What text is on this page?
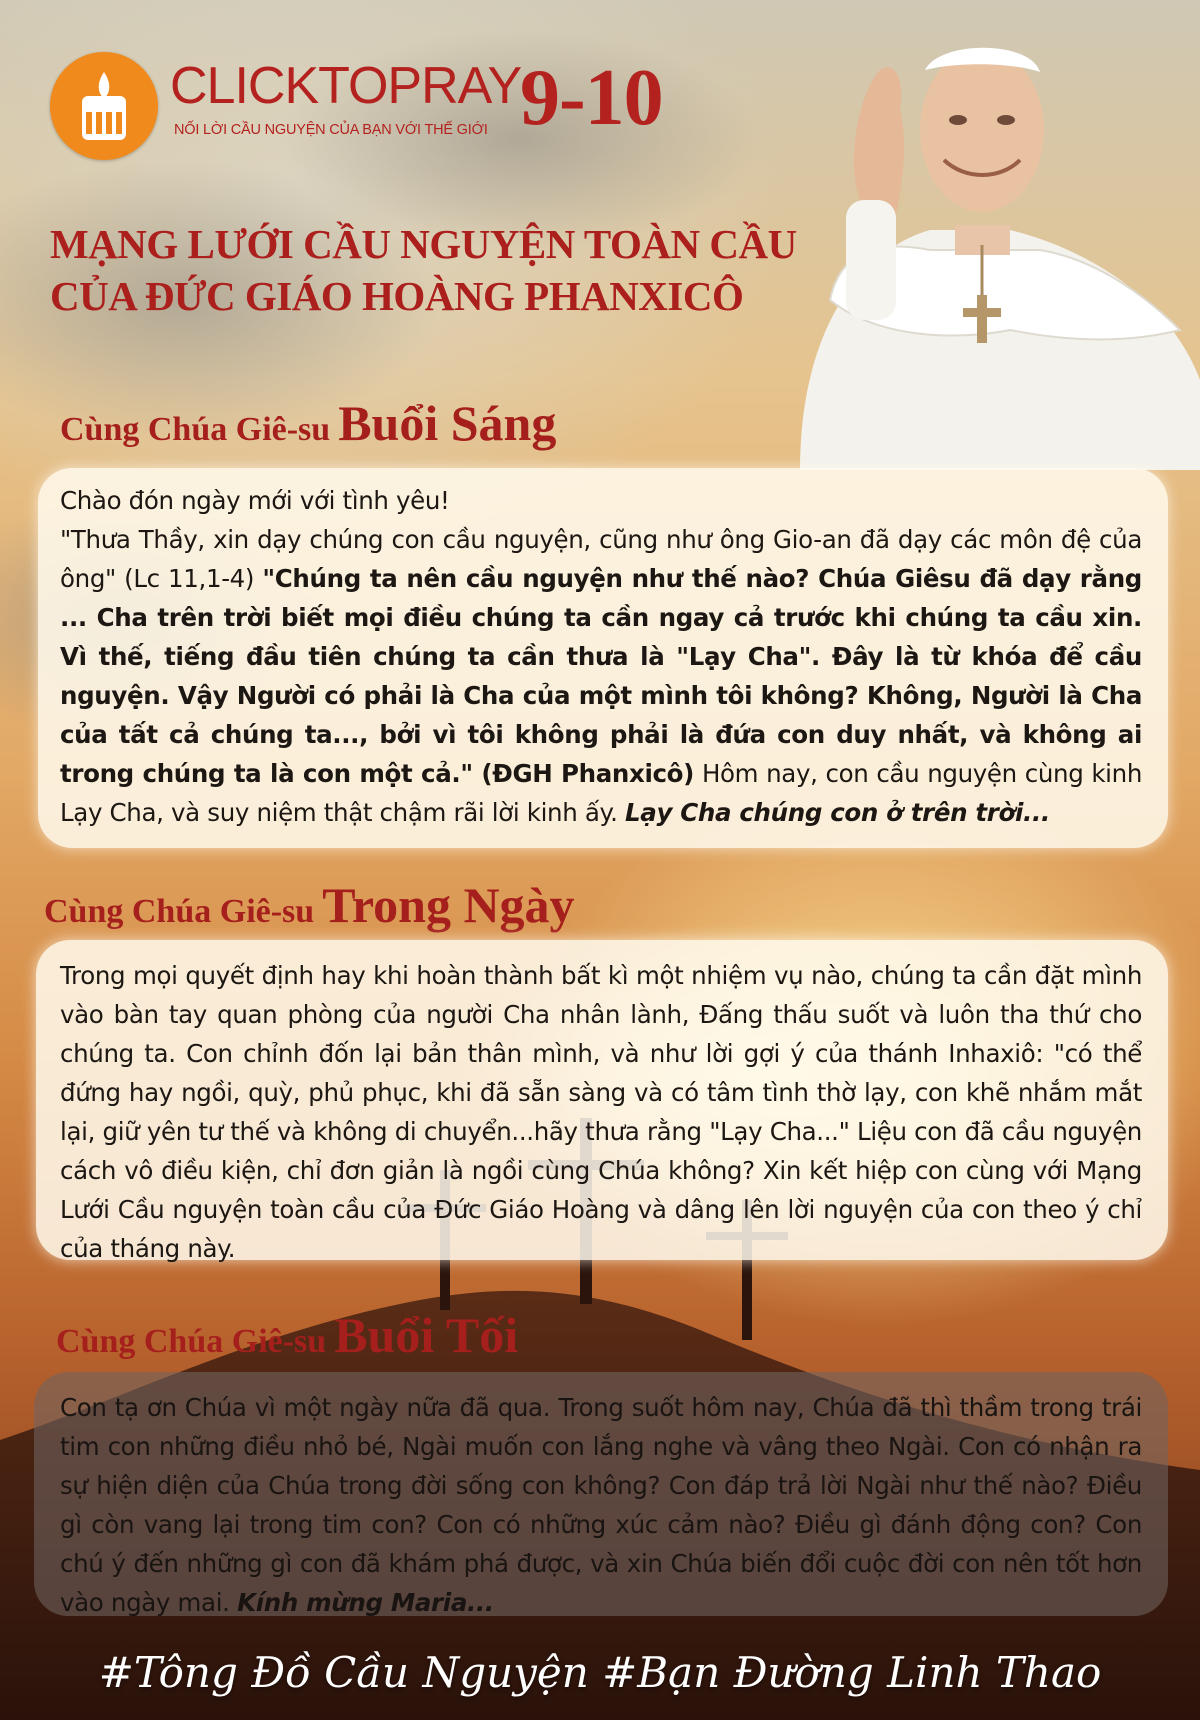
CLICKTOPRAY
NỐI LỜI CẦU NGUYỆN CỦA BẠN VỚI THẾ GIỚI 9-10
MẠNG LƯỚI CẦU NGUYỆN TOÀN CẦU
CỦA ĐỨC GIÁO HOÀNG PHANXICÔ
Cùng Chúa Giê-su Buổi Sáng
Chào đón ngày mới với tình yêu!
"Thưa Thầy, xin dạy chúng con cầu nguyện, cũng như ông Gio-an đã dạy các môn đệ của ông" (Lc 11,1-4) "Chúng ta nên cầu nguyện như thế nào? Chúa Giêsu đã dạy rằng ... Cha trên trời biết mọi điều chúng ta cần ngay cả trước khi chúng ta cầu xin. Vì thế, tiếng đầu tiên chúng ta cần thưa là "Lạy Cha". Đây là từ khóa để cầu nguyện. Vậy Người có phải là Cha của một mình tôi không? Không, Người là Cha của tất cả chúng ta..., bởi vì tôi không phải là đứa con duy nhất, và không ai trong chúng ta là con một cả." (ĐGH Phanxicô) Hôm nay, con cầu nguyện cùng kinh Lạy Cha, và suy niệm thật chậm rãi lời kinh ấy. Lạy Cha chúng con ở trên trời...
Cùng Chúa Giê-su Trong Ngày
Trong mọi quyết định hay khi hoàn thành bất kì một nhiệm vụ nào, chúng ta cần đặt mình vào bàn tay quan phòng của người Cha nhân lành, Đấng thấu suốt và luôn tha thứ cho chúng ta. Con chỉnh đốn lại bản thân mình, và như lời gợi ý của thánh Inhaxiô: "có thể đứng hay ngồi, quỳ, phủ phục, khi đã sẵn sàng và có tâm tình thờ lạy, con khẽ nhắm mắt lại, giữ yên tư thế và không di chuyển...hãy thưa rằng "Lạy Cha..." Liệu con đã cầu nguyện cách vô điều kiện, chỉ đơn giản là ngồi cùng Chúa không? Xin kết hiệp con cùng với Mạng Lưới Cầu nguyện toàn cầu của Đức Giáo Hoàng và dâng lên lời nguyện của con theo ý chỉ của tháng này.
Cùng Chúa Giê-su Buổi Tối
Con tạ ơn Chúa vì một ngày nữa đã qua. Trong suốt hôm nay, Chúa đã thì thầm trong trái tim con những điều nhỏ bé, Ngài muốn con lắng nghe và vâng theo Ngài. Con có nhận ra sự hiện diện của Chúa trong đời sống con không? Con đáp trả lời Ngài như thế nào? Điều gì còn vang lại trong tim con? Con có những xúc cảm nào? Điều gì đánh động con? Con chú ý đến những gì con đã khám phá được, và xin Chúa biến đổi cuộc đời con nên tốt hơn vào ngày mai. Kính mừng Maria...
#Tông Đồ Cầu Nguyện #Bạn Đường Linh Thao
